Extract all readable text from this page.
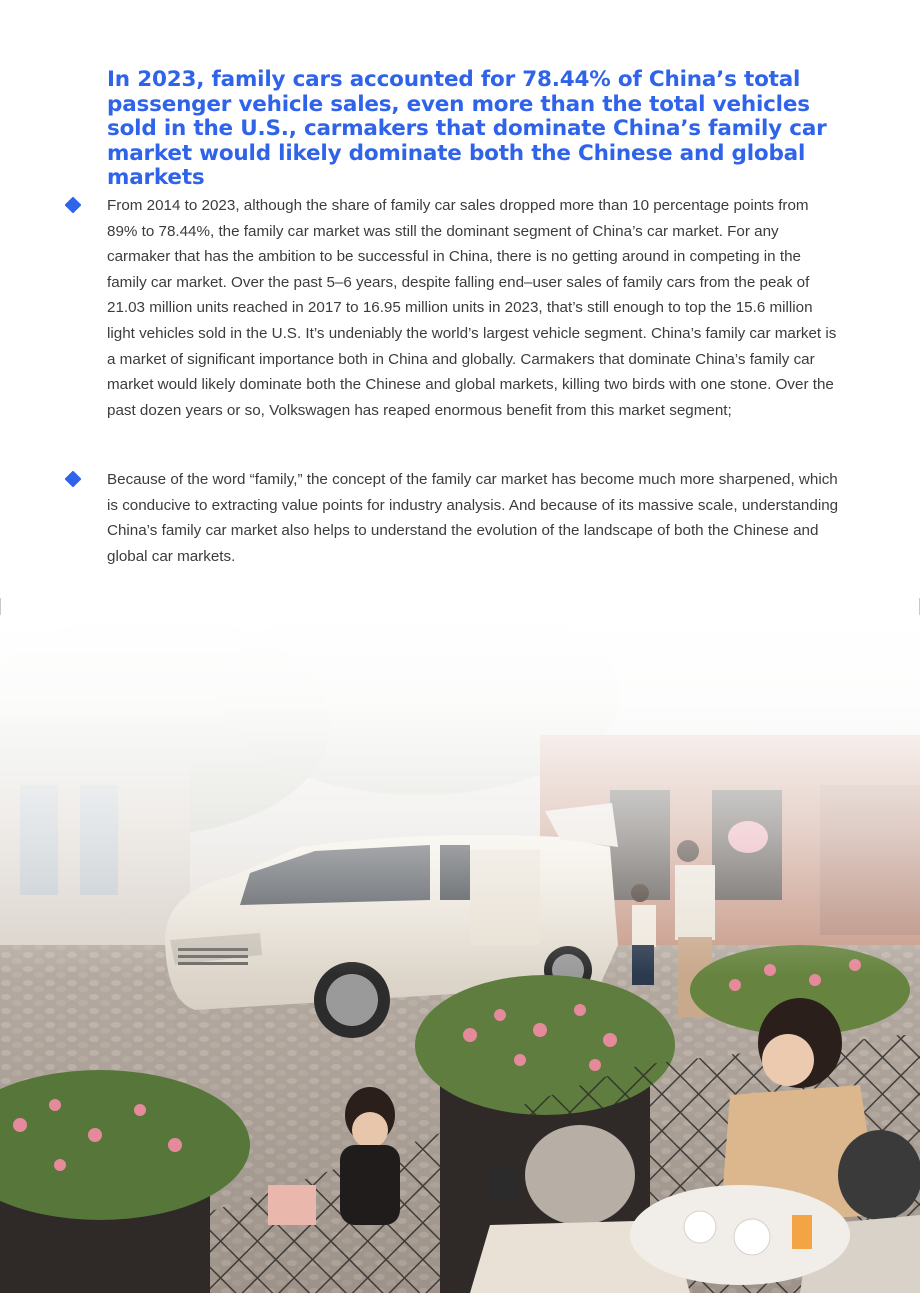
In 2023, family cars accounted for 78.44% of China’s total passenger vehicle sales, even more than the total vehicles sold in the U.S., carmakers that dominate China’s family car market would likely dominate both the Chinese and global markets
From 2014 to 2023, although the share of family car sales dropped more than 10 percentage points from 89% to 78.44%, the family car market was still the dominant segment of China’s car market. For any carmaker that has the ambition to be successful in China, there is no getting around in competing in the family car market. Over the past 5–6 years, despite falling end–user sales of family cars from the peak of 21.03 million units reached in 2017 to 16.95 million units in 2023, that’s still enough to top the 15.6 million light vehicles sold in the U.S. It’s undeniably the world’s largest vehicle segment. China’s family car market is a market of significant importance both in China and globally. Carmakers that dominate China’s family car market would likely dominate both the Chinese and global markets, killing two birds with one stone. Over the past dozen years or so, Volkswagen has reaped enormous benefit from this market segment;
Because of the word “family,” the concept of the family car market has become much more sharpened, which is conducive to extracting value points for industry analysis. And because of its massive scale, understanding China’s family car market also helps to understand the evolution of the landscape of both the Chinese and global car markets.
